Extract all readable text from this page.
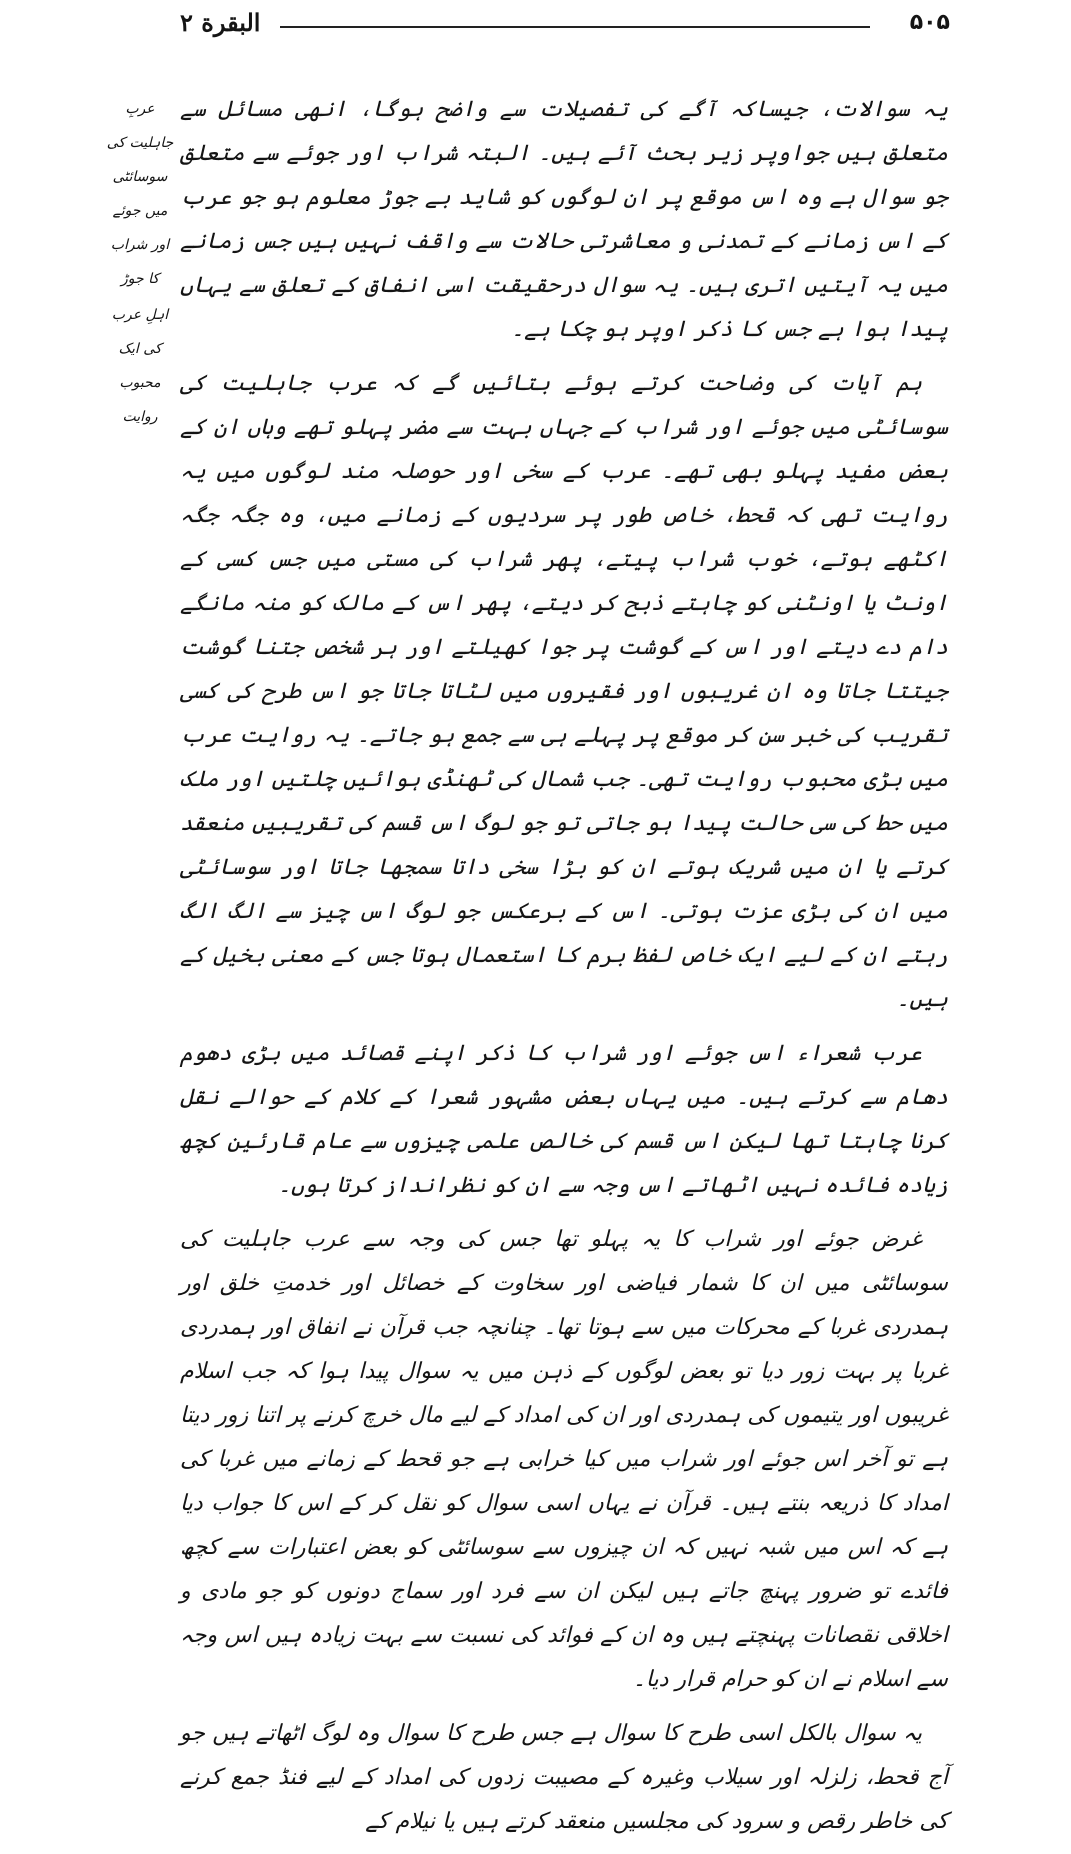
البقرة ۲	۵۰۵
عربِ جاہلیت کی سوسائٹی میں جوئے اور شراب کا جوڑ
اہلِ عرب کی ایک محبوب روایت

یہ سوالات، جیساکہ آگے کی تفصیلات سے واضح ہوگا، انھی مسائل سے متعلق ہیں جواوپر زیر بحث آئے ہیں۔ البتہ شراب اور جوئے سے متعلق جو سوال ہے وہ اس موقع پر ان لوگوں کو شاید بے جوڑ معلوم ہو جو عرب کے اس زمانے کے تمدنی و معاشرتی حالات سے واقف نہیں ہیں جس زمانے میں یہ آیتیں اتری ہیں۔ یہ سوال درحقیقت اسی انفاق کے تعلق سے یہاں پیدا ہوا ہے جس کا ذکر اوپر ہو چکا ہے۔

ہم آیات کی وضاحت کرتے ہوئے بتائیں گے کہ عرب جاہلیت کی سوسائٹی میں جوئے اور شراب کے جہاں بہت سے مضر پہلو تھے وہاں ان کے بعض مفید پہلو بھی تھے۔ عرب کے سخی اور حوصلہ مند لوگوں میں یہ روایت تھی کہ قحط، خاص طور پر سردیوں کے زمانے میں، وہ جگہ جگہ اکٹھے ہوتے، خوب شراب پیتے، پھر شراب کی مستی میں جس کسی کے اونٹ یا اونٹنی کو چاہتے ذبح کر دیتے، پھر اس کے مالک کو منہ مانگے دام دے دیتے اور اس کے گوشت پر جوا کھیلتے اور ہر شخص جتنا گوشت جیتتا جاتا وہ ان غریبوں اور فقیروں میں لٹاتا جاتا جو اس طرح کی کسی تقریب کی خبر سن کر موقع پر پہلے ہی سے جمع ہو جاتے۔ یہ روایت عرب میں بڑی محبوب روایت تھی۔ جب شمال کی ٹھنڈی ہوائیں چلتیں اور ملک میں حط کی سی حالت پیدا ہو جاتی تو جو لوگ اس قسم کی تقریبیں منعقد کرتے یا ان میں شریک ہوتے ان کو بڑا سخی داتا سمجھا جاتا اور سوسائٹی میں ان کی بڑی عزت ہوتی۔ اس کے برعکس جو لوگ اس چیز سے الگ الگ رہتے ان کے لیے ایک خاص لفظ برم کا استعمال ہوتا جس کے معنی بخیل کے ہیں۔

عرب شعراء اس جوئے اور شراب کا ذکر اپنے قصائد میں بڑی دھوم دھام سے کرتے ہیں۔ میں یہاں بعض مشہور شعرا کے کلام کے حوالے نقل کرنا چاہتا تھا لیکن اس قسم کی خالص علمی چیزوں سے عام قارئین کچھ زیادہ فائدہ نہیں اٹھاتے اس وجہ سے ان کو نظرانداز کرتا ہوں۔

غرض جوئے اور شراب کا یہ پہلو تھا جس کی وجہ سے عرب جاہلیت کی سوسائٹی میں ان کا شمار فیاضی اور سخاوت کے خصائل اور خدمتِ خلق اور ہمدردی غربا کے محرکات میں سے ہوتا تھا۔ چنانچہ جب قرآن نے انفاق اور ہمدردی غربا پر بہت زور دیا تو بعض لوگوں کے ذہن میں یہ سوال پیدا ہوا کہ جب اسلام غریبوں اور یتیموں کی ہمدردی اور ان کی امداد کے لیے مال خرچ کرنے پر اتنا زور دیتا ہے تو آخر اس جوئے اور شراب میں کیا خرابی ہے جو قحط کے زمانے میں غربا کی امداد کا ذریعہ بنتے ہیں۔ قرآن نے یہاں اسی سوال کو نقل کر کے اس کا جواب دیا ہے کہ اس میں شبہ نہیں کہ ان چیزوں سے سوسائٹی کو بعض اعتبارات سے کچھ فائدے تو ضرور پہنچ جاتے ہیں لیکن ان سے فرد اور سماج دونوں کو جو مادی و اخلاقی نقصانات پہنچتے ہیں وہ ان کے فوائد کی نسبت سے بہت زیادہ ہیں اس وجہ سے اسلام نے ان کو حرام قرار دیا۔

یہ سوال بالکل اسی طرح کا سوال ہے جس طرح کا سوال وہ لوگ اٹھاتے ہیں جو آج قحط، زلزلہ اور سیلاب وغیرہ کے مصیبت زدوں کی امداد کے لیے فنڈ جمع کرنے کی خاطر رقص و سرود کی مجلسیں منعقد کرتے ہیں یا نیلام کے
